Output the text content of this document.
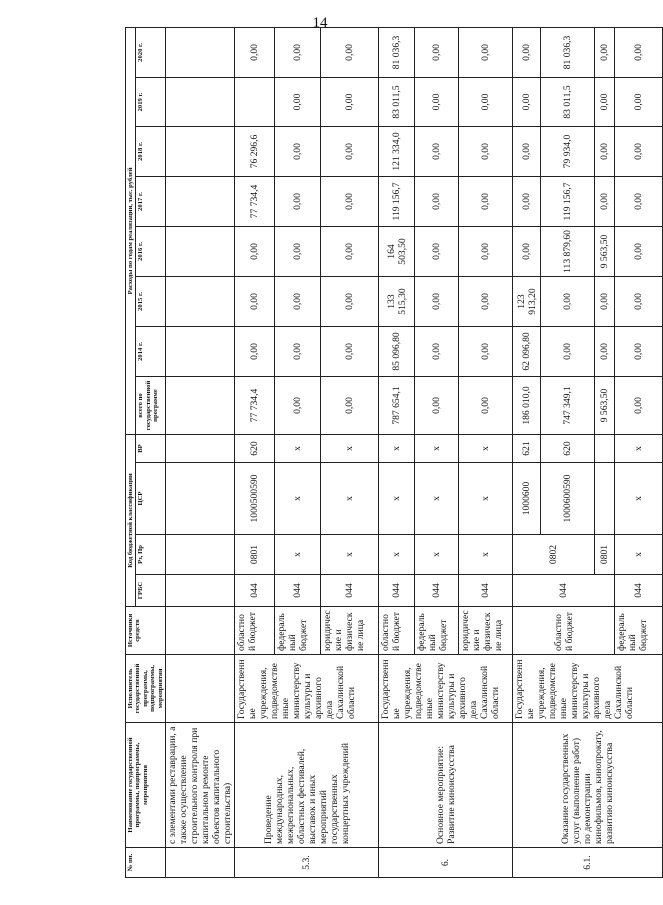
14
№ пп.	Наименование государственной программы, подпрограммы, мероприятия	Исполнитель государственной программы, подпрограммы, мероприятия	Источники средств	Код бюджетной классификации				Расходы по годам реализации, тыс. рублей							
				ГРБС	Рз, Пр	ЦСР	ВР	всего по государственной программе	2014 г.	2015 г.	2016 г.	2017 г.	2018 г.	2019 г.	2020 г.

	с элементами реставрации, а также осуществление строительного контроля при капитальном ремонте объектов капитального строительства)														
5.3.	Проведение международных, межрегиональных, областных фестивалей, выставок и иных мероприятий государственных концертных учреждений	Государственные учреждения, подведомственные министерству культуры и архивного дела Сахалинской области	областной бюджет	044	0801	1000500590	620	77 734,4	0,00	0,00	0,00	77 734,4	76 296,6		0,00
			федеральный бюджет	044	x	x	x	0,00	0,00	0,00	0,00	0,00	0,00	0,00	0,00
			юридические и физические лица	044	x	x	x	0,00	0,00	0,00	0,00	0,00	0,00	0,00	0,00
6.	Основное мероприятие: Развитие киноискусства	Государственные учреждения, подведомственные министерству культуры и архивного дела Сахалинской области	областной бюджет	044	x	x	x	787 654,1	85 096,80	133 515,30	164 503,50	119 156,7	121 334,0	83 011,5	81 036,3
			федеральный бюджет	044	x	x	x	0,00	0,00	0,00	0,00	0,00	0,00	0,00	0,00
			юридические и физические лица	044	x	x	x	0,00	0,00	0,00	0,00	0,00	0,00	0,00	0,00
6.1.	Оказание государственных услуг (выполнение работ) по демонстрации кинофильмов, кинопрокату, развитию киноискусства	Государственные учреждения, подведомственные министерству культуры и архивного дела Сахалинской области	областной бюджет	044	0802	1000600	621	186 010,0	62 096,80	123 913,20	0,00	0,00	0,00	0,00	0,00
						1000600590	620	747 349,1	0,00	0,00	113 879,60	119 156,7	79 934,0	83 011,5	81 036,3
					0801			9 563,50	0,00	0,00	9 563,50	0,00	0,00	0,00	0,00
			федеральный бюджет	044	x	x	x	0,00	0,00	0,00	0,00	0,00	0,00	0,00	0,00
